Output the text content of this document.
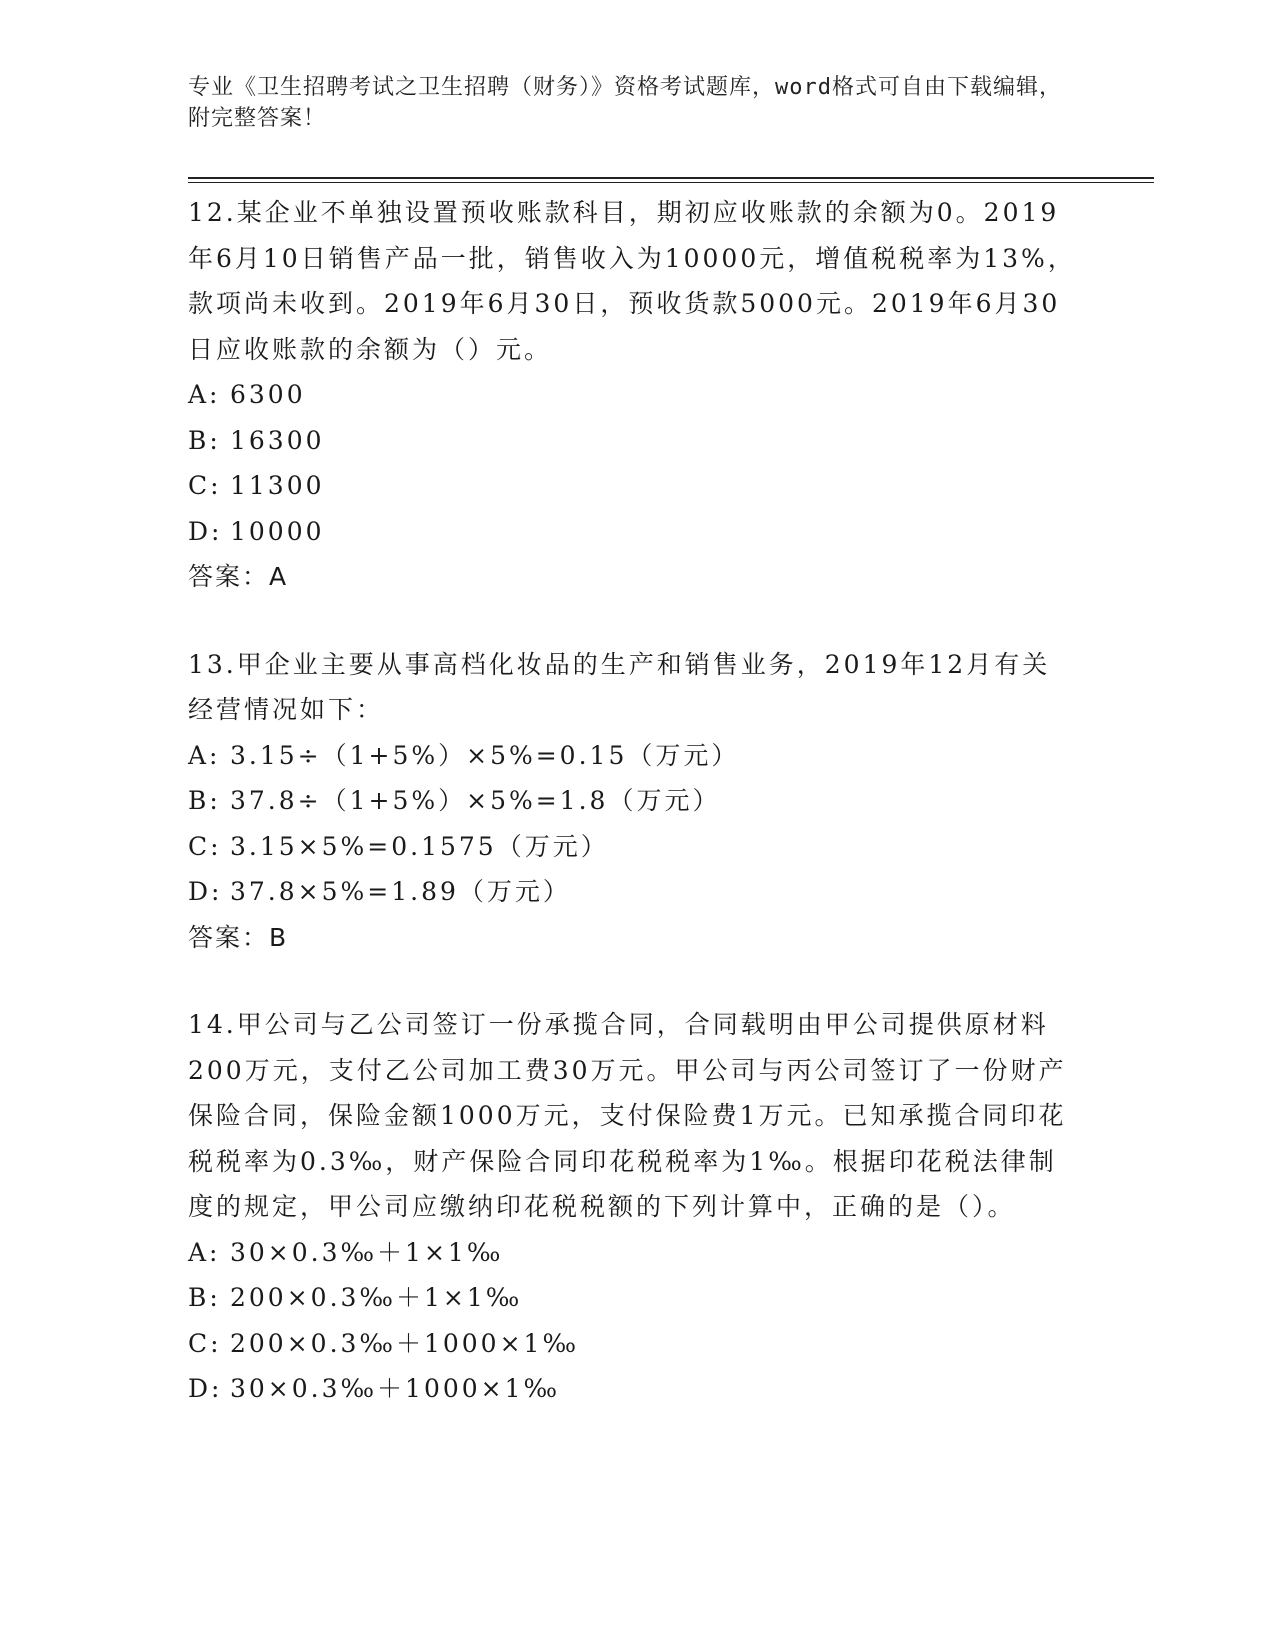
专业《卫生招聘考试之卫生招聘（财务）》资格考试题库，word格式可自由下载编辑，附完整答案！

12.某企业不单独设置预收账款科目，期初应收账款的余额为0。2019年6月10日销售产品一批，销售收入为10000元，增值税税率为13%，款项尚未收到。2019年6月30日，预收货款5000元。2019年6月30日应收账款的余额为（）元。

A: 6300
B: 16300
C: 11300
D: 10000

答案：A

13.甲企业主要从事高档化妆品的生产和销售业务，2019年12月有关经营情况如下：

A: 3.15÷（1+5%）×5%=0.15（万元）
B: 37.8÷（1+5%）×5%=1.8（万元）
C: 3.15×5%=0.1575（万元）
D: 37.8×5%=1.89（万元）

答案：B

14.甲公司与乙公司签订一份承揽合同，合同载明由甲公司提供原材料200万元，支付乙公司加工费30万元。甲公司与丙公司签订了一份财产保险合同，保险金额1000万元，支付保险费1万元。已知承揽合同印花税税率为0.3‰，财产保险合同印花税税率为1‰。根据印花税法律制度的规定，甲公司应缴纳印花税税额的下列计算中，正确的是（）。

A: 30×0.3‰＋1×1‰
B: 200×0.3‰＋1×1‰
C: 200×0.3‰＋1000×1‰
D: 30×0.3‰＋1000×1‰
